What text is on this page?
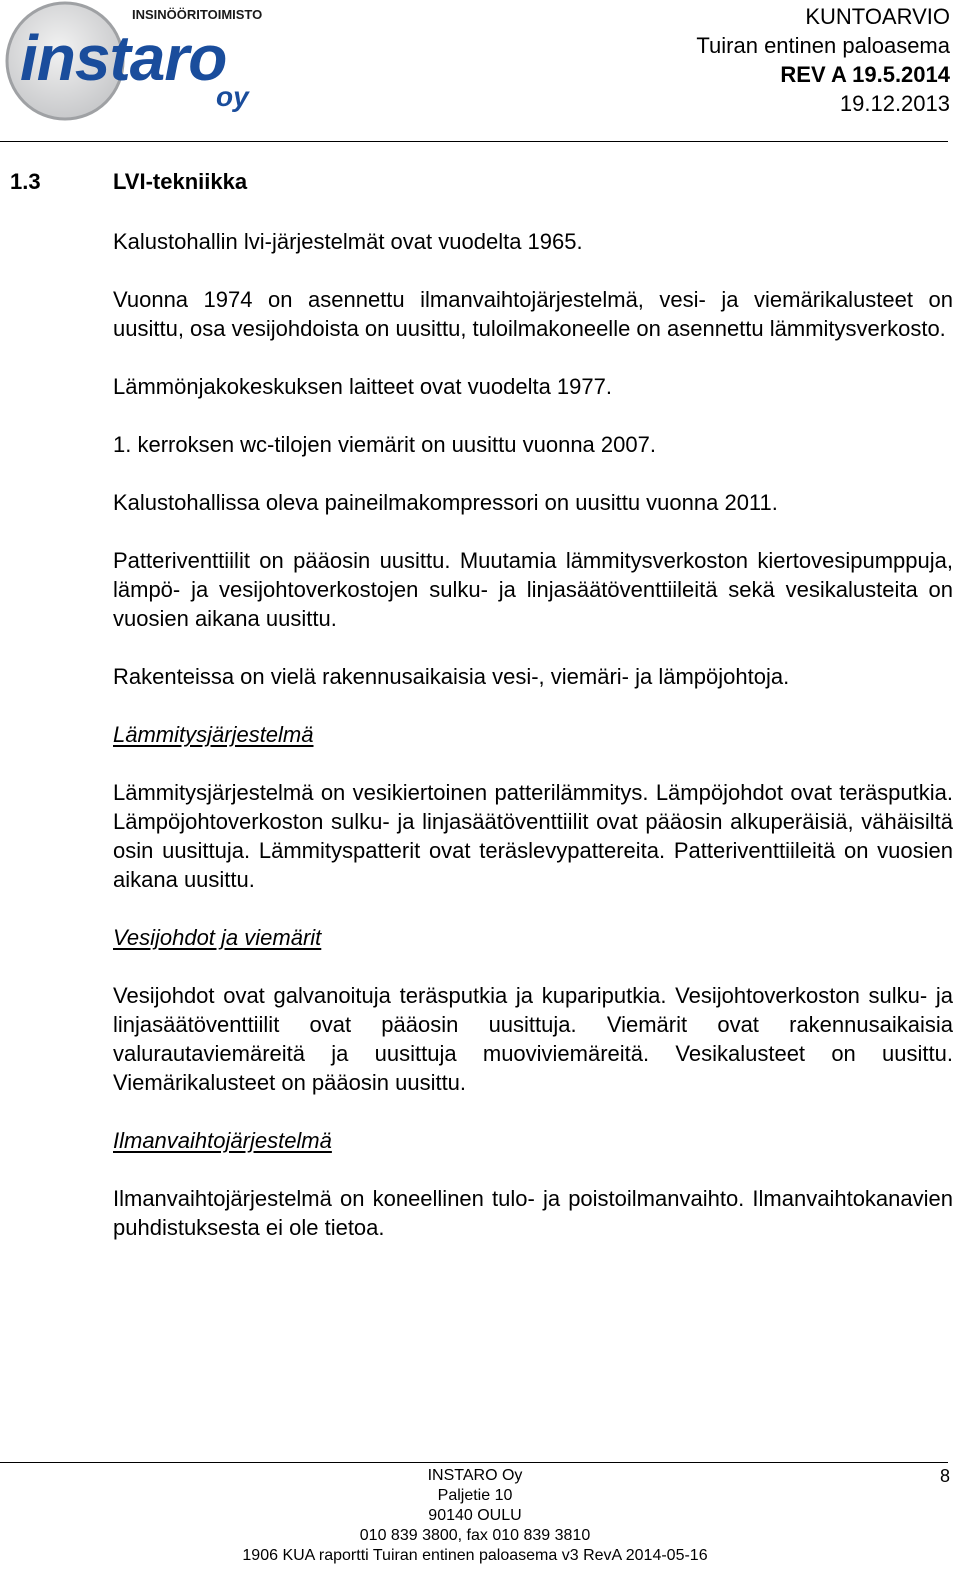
INSINÖÖRITOIMISTO
instaro
oy
KUNTOARVIO
Tuiran entinen paloasema
REV A 19.5.2014
19.12.2013
1.3	LVI-tekniikka

Kalustohallin lvi-järjestelmät ovat vuodelta 1965.

Vuonna 1974 on asennettu ilmanvaihtojärjestelmä, vesi- ja viemärikalusteet on uusittu, osa vesijohdoista on uusittu, tuloilmakoneelle on asennettu lämmitysverkosto.

Lämmönjakokeskuksen laitteet ovat vuodelta 1977.

1. kerroksen wc-tilojen viemärit on uusittu vuonna 2007.

Kalustohallissa oleva paineilmakompressori on uusittu vuonna 2011.

Patteriventtiilit on pääosin uusittu. Muutamia lämmitysverkoston kiertovesipumppuja, lämpö- ja vesijohtoverkostojen sulku- ja linjasäätöventtiileitä sekä vesikalusteita on vuosien aikana uusittu.

Rakenteissa on vielä rakennusaikaisia vesi-, viemäri- ja lämpöjohtoja.

Lämmitysjärjestelmä

Lämmitysjärjestelmä on vesikiertoinen patterilämmitys. Lämpöjohdot ovat teräsputkia. Lämpöjohtoverkoston sulku- ja linjasäätöventtiilit ovat pääosin alkuperäisiä, vähäisiltä osin uusittuja. Lämmityspatterit ovat teräslevypattereita. Patteriventtiileitä on vuosien aikana uusittu.

Vesijohdot ja viemärit

Vesijohdot ovat galvanoituja teräsputkia ja kupariputkia. Vesijohtoverkoston sulku- ja linjasäätöventtiilit ovat pääosin uusittuja. Viemärit ovat rakennusaikaisia valurautaviemäreitä ja uusittuja muoviviemäreitä. Vesikalusteet on uusittu. Viemärikalusteet on pääosin uusittu.

Ilmanvaihtojärjestelmä

Ilmanvaihtojärjestelmä on koneellinen tulo- ja poistoilmanvaihto. Ilmanvaihtokanavien puhdistuksesta ei ole tietoa.

INSTARO Oy
Paljetie 10
90140 OULU
010 839 3800, fax 010 839 3810
1906 KUA raportti Tuiran entinen paloasema v3 RevA 2014-05-16
8
